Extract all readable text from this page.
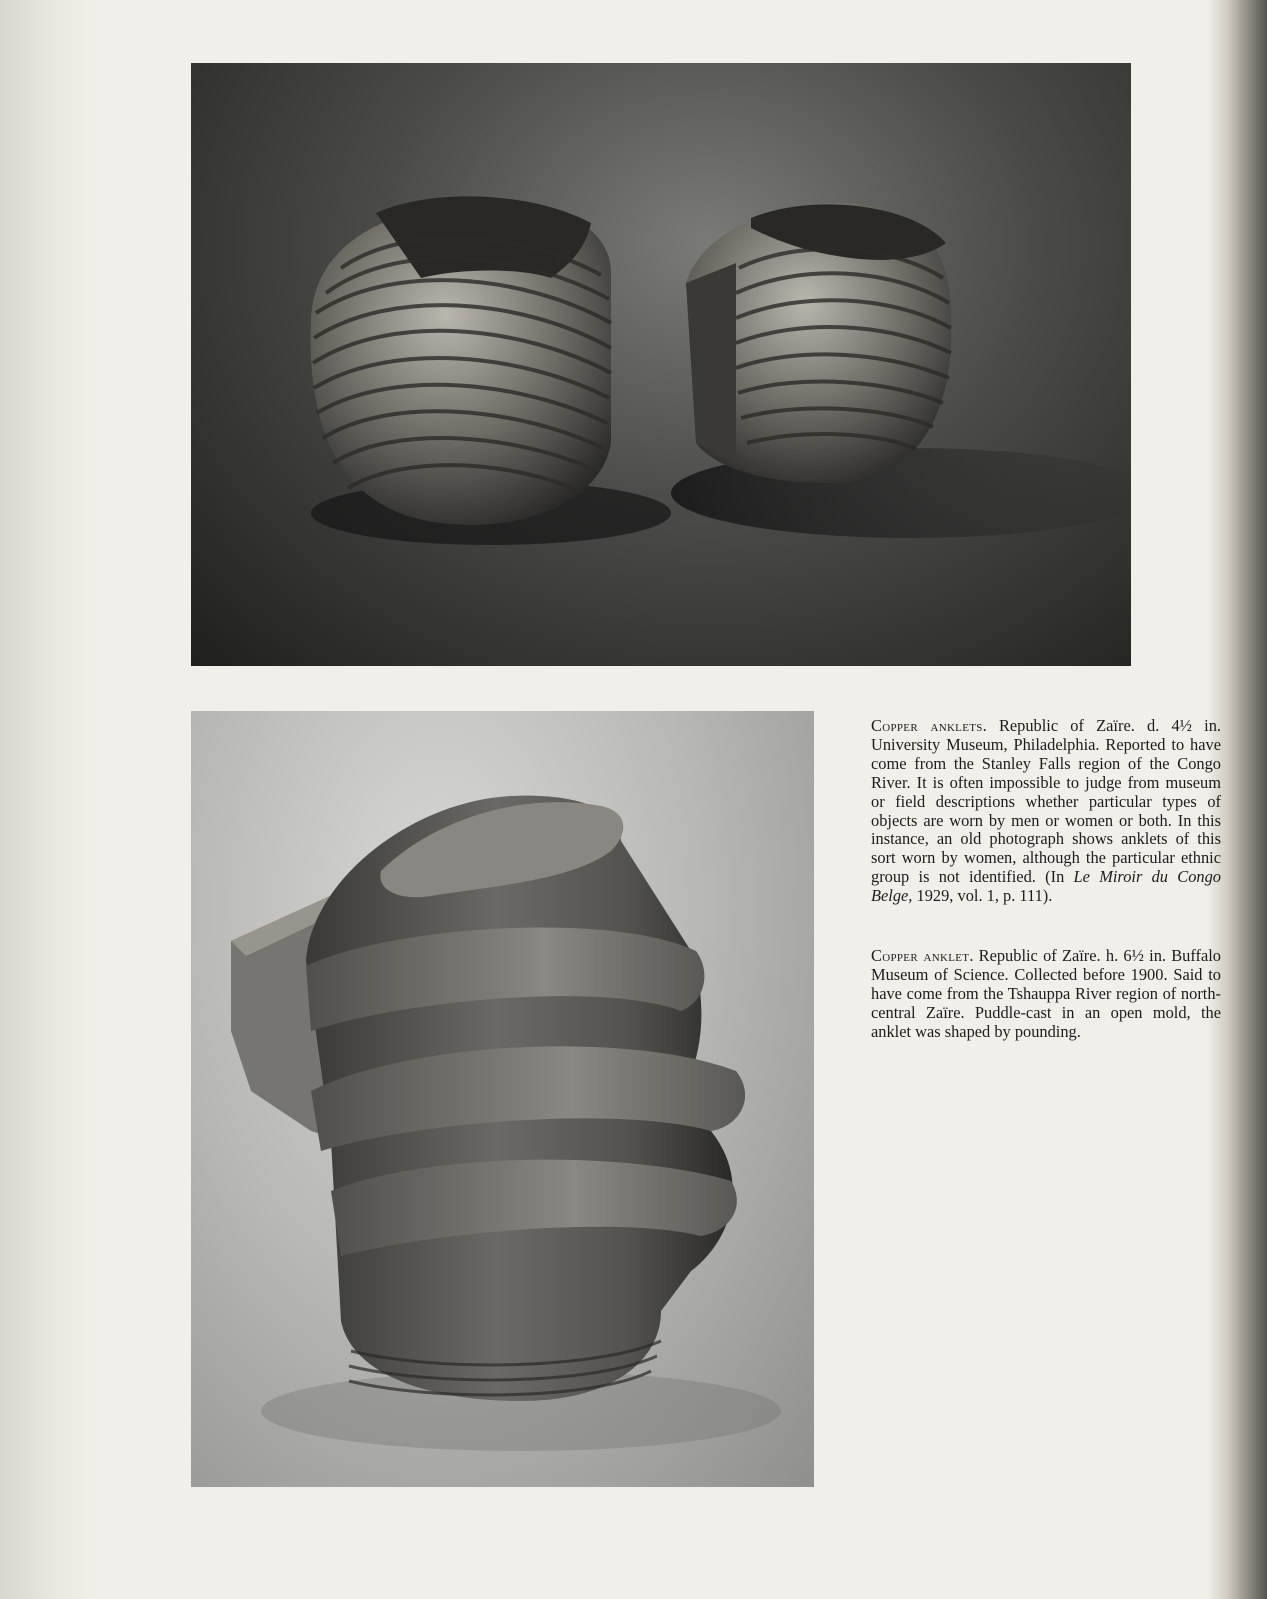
Copper anklets. Republic of Zaïre. d. 4½ in. University Museum, Philadelphia. Reported to have come from the Stanley Falls region of the Congo River. It is often impossible to judge from museum or field descriptions whether particular types of objects are worn by men or women or both. In this instance, an old photograph shows anklets of this sort worn by women, although the particular ethnic group is not identified. (In Le Miroir du Congo Belge, 1929, vol. 1, p. 111).

Copper anklet. Republic of Zaïre. h. 6½ in. Buffalo Museum of Science. Collected before 1900. Said to have come from the Tshauppa River region of north-central Zaïre. Puddle-cast in an open mold, the anklet was shaped by pounding.
